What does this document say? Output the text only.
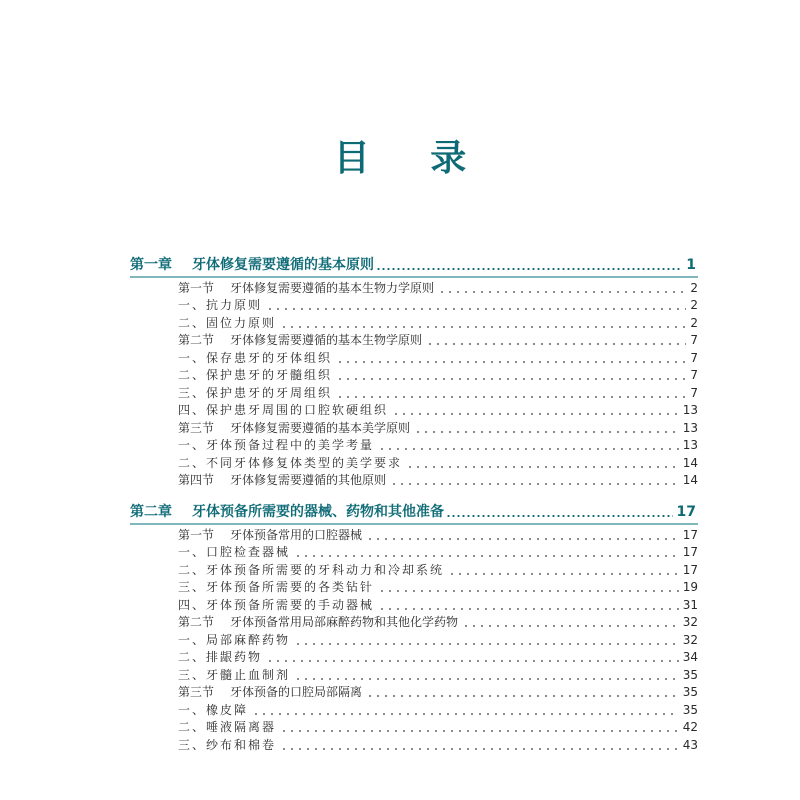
目 录
第一章 牙体修复需要遵循的基本原则	1
第一节 牙体修复需要遵循的基本生物力学原则	2
一、抗力原则	2
二、固位力原则	2
第二节 牙体修复需要遵循的基本生物学原则	7
一、保存患牙的牙体组织	7
二、保护患牙的牙髓组织	7
三、保护患牙的牙周组织	7
四、保护患牙周围的口腔软硬组织	13
第三节 牙体修复需要遵循的基本美学原则	13
一、牙体预备过程中的美学考量	13
二、不同牙体修复体类型的美学要求	14
第四节 牙体修复需要遵循的其他原则	14
第二章 牙体预备所需要的器械、药物和其他准备	17
第一节 牙体预备常用的口腔器械	17
一、口腔检查器械	17
二、牙体预备所需要的牙科动力和冷却系统	17
三、牙体预备所需要的各类钻针	19
四、牙体预备所需要的手动器械	31
第二节 牙体预备常用局部麻醉药物和其他化学药物	32
一、局部麻醉药物	32
二、排龈药物	34
三、牙髓止血制剂	35
第三节 牙体预备的口腔局部隔离	35
一、橡皮障	35
二、唾液隔离器	42
三、纱布和棉卷	43
